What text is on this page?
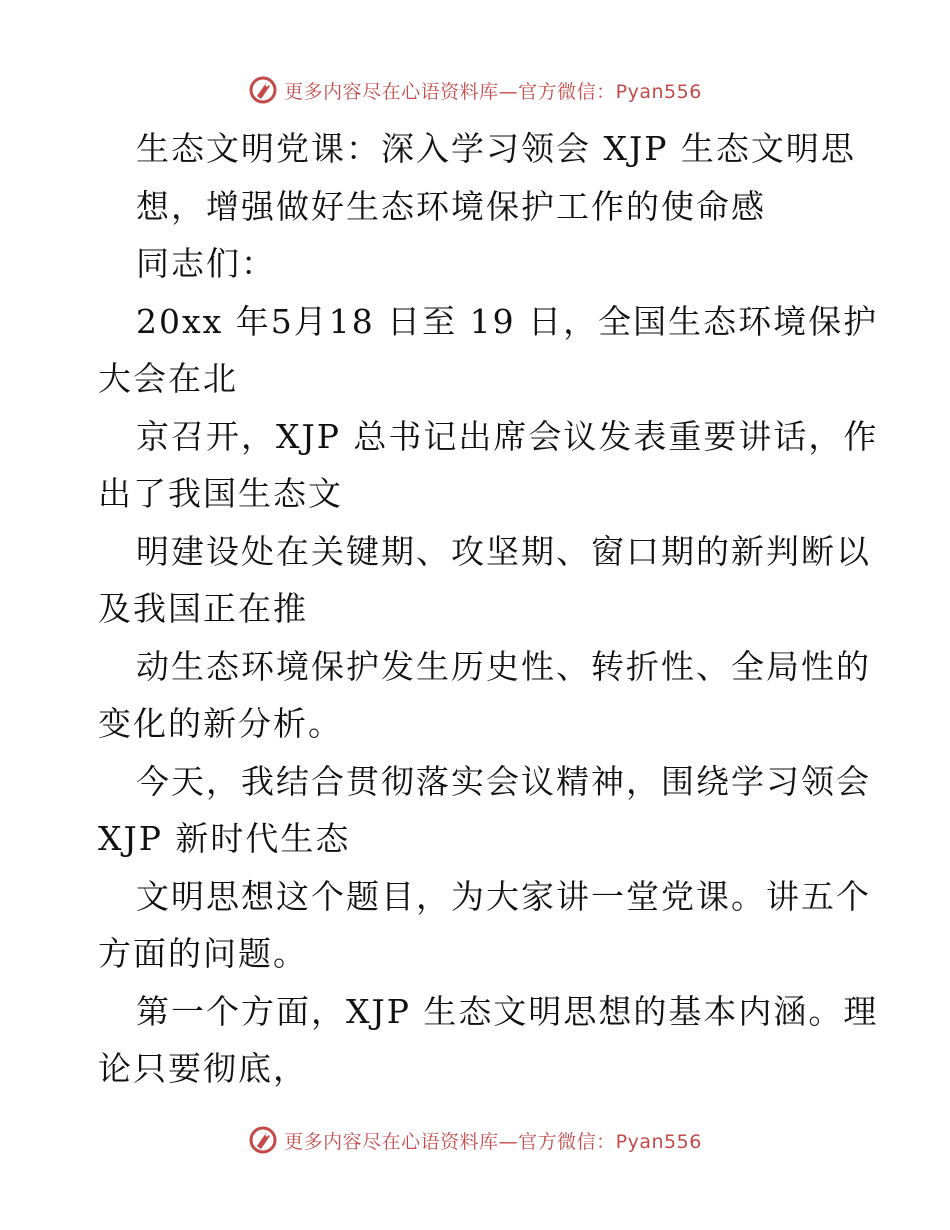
更多内容尽在心语资料库—官方微信：Pyan556
生态文明党课：深入学习领会 XJP 生态文明思
想，增强做好生态环境保护工作的使命感
同志们：
20xx 年5月18 日至 19 日，全国生态环境保护
大会在北
京召开，XJP 总书记出席会议发表重要讲话，作
出了我国生态文
明建设处在关键期、攻坚期、窗口期的新判断以
及我国正在推
动生态环境保护发生历史性、转折性、全局性的
变化的新分析。
今天，我结合贯彻落实会议精神，围绕学习领会
XJP 新时代生态
文明思想这个题目，为大家讲一堂党课。讲五个
方面的问题。
第一个方面，XJP 生态文明思想的基本内涵。理
论只要彻底，
更多内容尽在心语资料库—官方微信：Pyan556
